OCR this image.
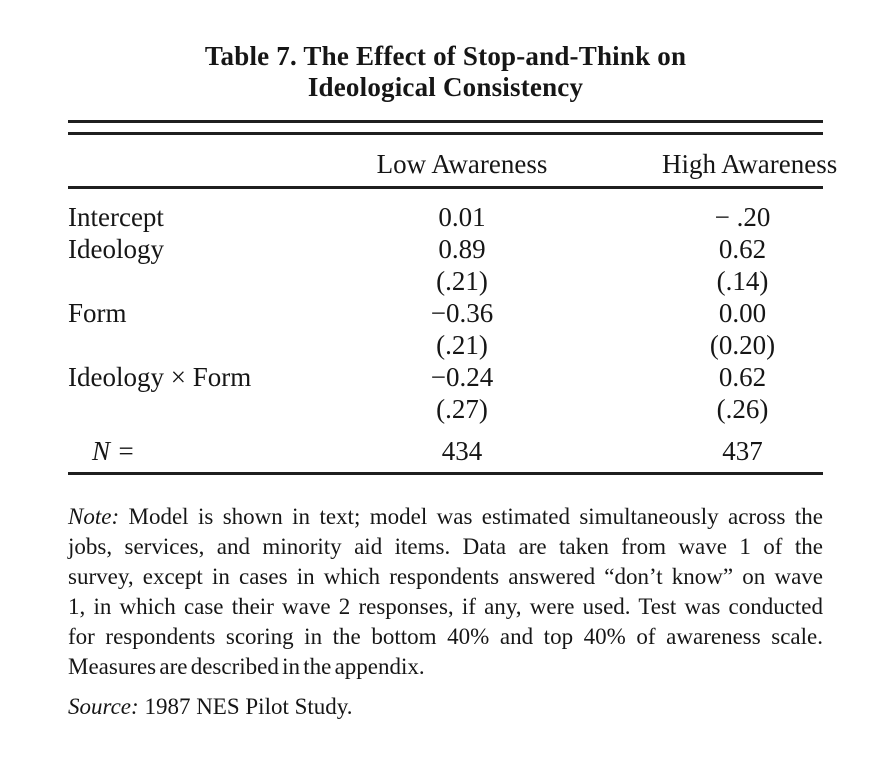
Table 7. The Effect of Stop-and-Think on
Ideological Consistency
	Low Awareness	High Awareness
Intercept	0.01	− .20
Ideology	0.89	0.62
	(.21)	(.14)
Form	−0.36	0.00
	(.21)	(0.20)
Ideology × Form	−0.24	0.62
	(.27)	(.26)
N =	434	437
Note: Model is shown in text; model was estimated simultaneously across the
jobs, services, and minority aid items. Data are taken from wave 1 of the
survey, except in cases in which respondents answered “don’t know” on wave
1, in which case their wave 2 responses, if any, were used. Test was conducted
for respondents scoring in the bottom 40% and top 40% of awareness scale.
Measures are described in the appendix.
Source: 1987 NES Pilot Study.
